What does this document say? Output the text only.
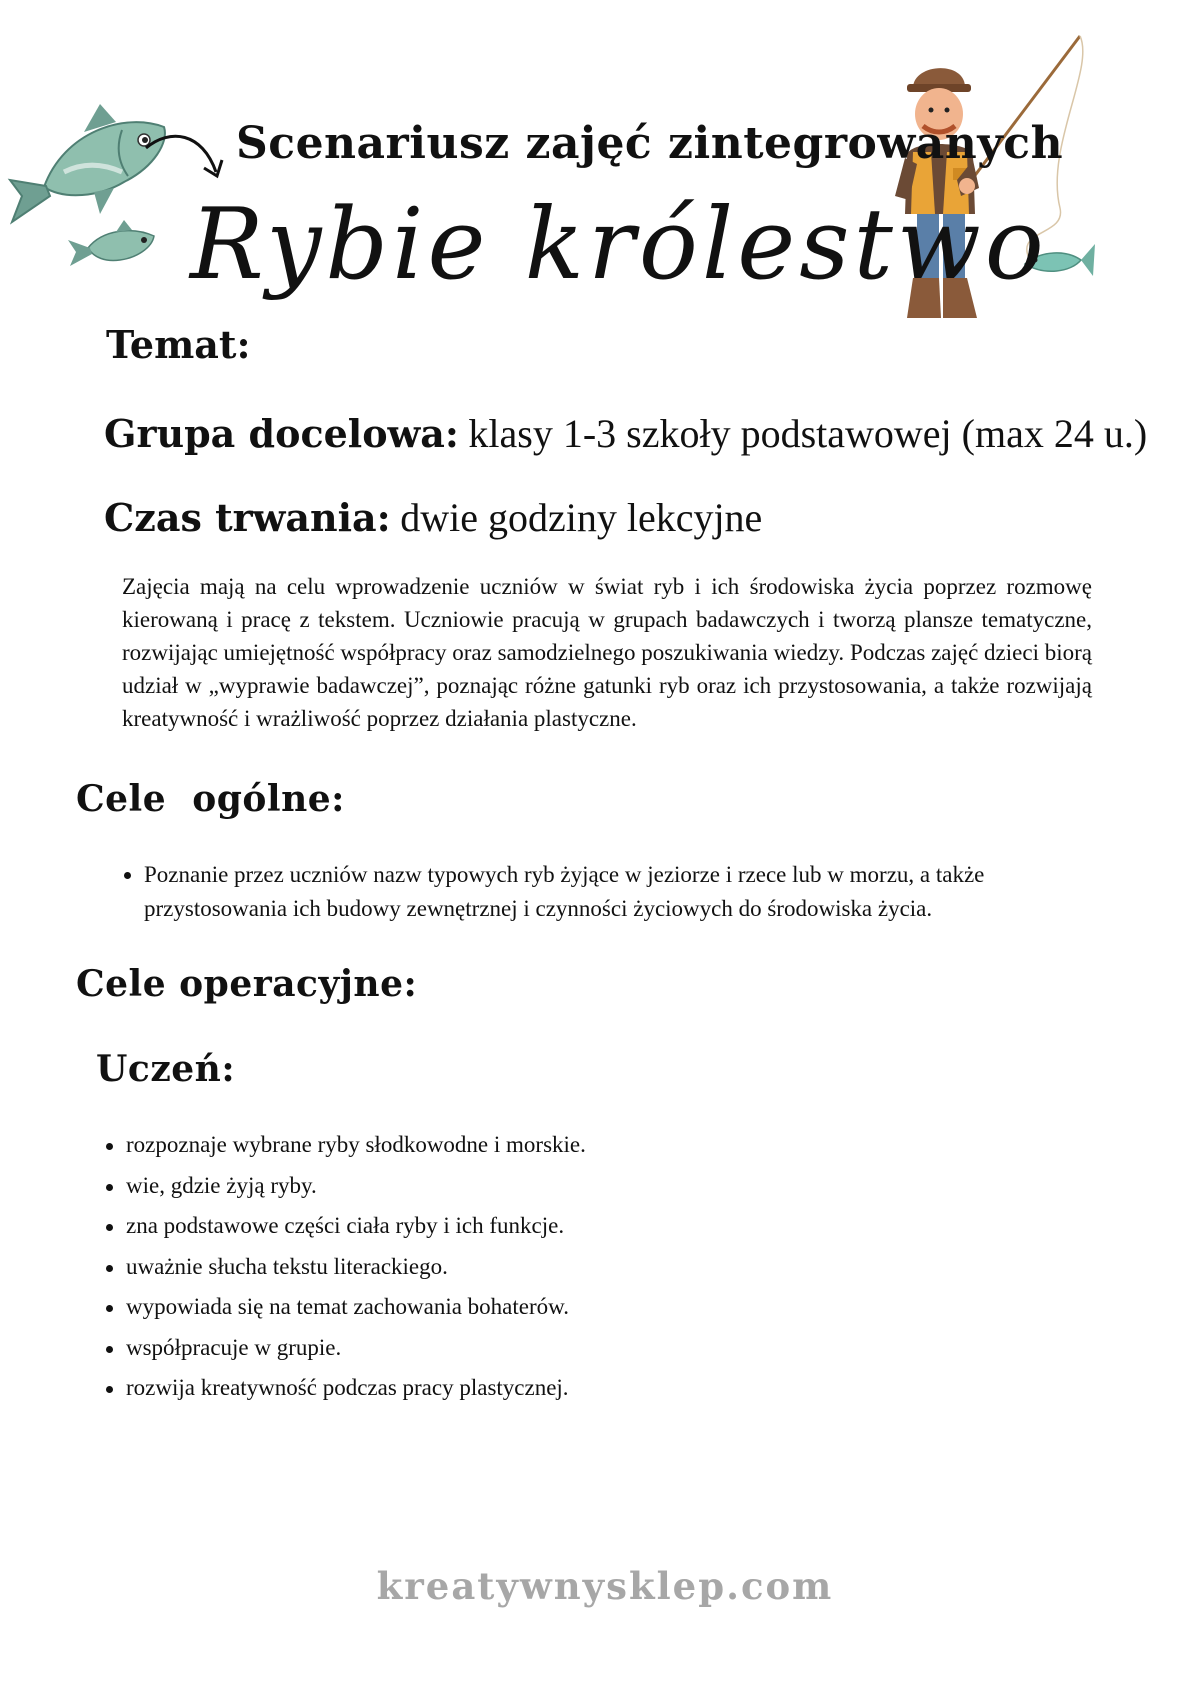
Scenariusz zajęć zintegrowanych
Rybie królestwo
Temat:
Grupa docelowa: klasy 1-3 szkoły podstawowej (max 24 u.)
Czas trwania: dwie godziny lekcyjne
Zajęcia mają na celu wprowadzenie uczniów w świat ryb i ich środowiska życia poprzez rozmowę kierowaną i pracę z tekstem. Uczniowie pracują w grupach badawczych i tworzą plansze tematyczne, rozwijając umiejętność współpracy oraz samodzielnego poszukiwania wiedzy. Podczas zajęć dzieci biorą udział w „wyprawie badawczej”, poznając różne gatunki ryb oraz ich przystosowania, a także rozwijają kreatywność i wrażliwość poprzez działania plastyczne.
Cele  ogólne:
Poznanie przez uczniów nazw typowych ryb żyjące w jeziorze i rzece lub w morzu, a także przystosowania ich budowy zewnętrznej i czynności życiowych do środowiska życia.
Cele operacyjne:
Uczeń:
rozpoznaje wybrane ryby słodkowodne i morskie.
wie, gdzie żyją ryby.
zna podstawowe części ciała ryby i ich funkcje.
uważnie słucha tekstu literackiego.
wypowiada się na temat zachowania bohaterów.
współpracuje w grupie.
rozwija kreatywność podczas pracy plastycznej.
kreatywnysklep.com
